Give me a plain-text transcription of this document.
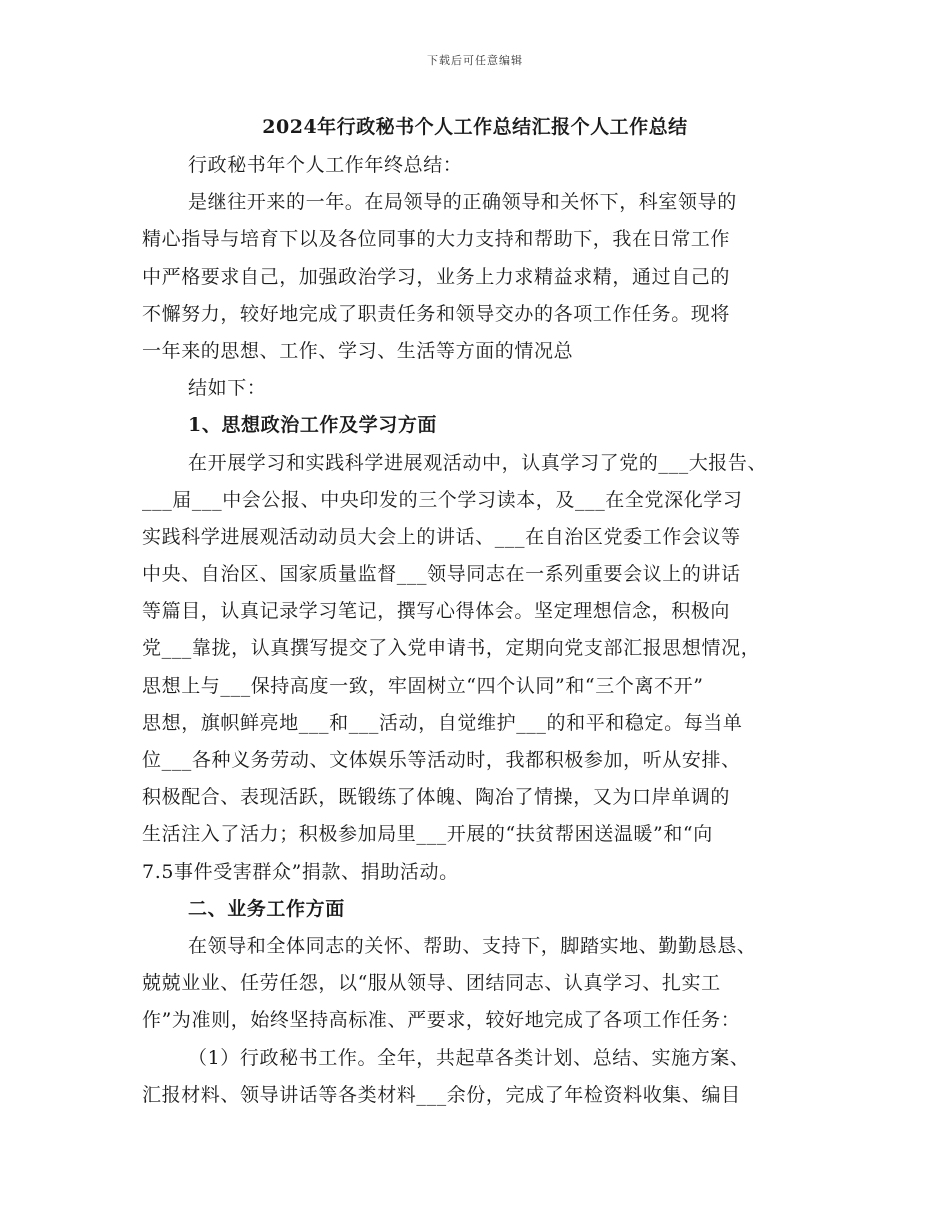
下载后可任意编辑
2024年行政秘书个人工作总结汇报个人工作总结
行政秘书年个人工作年终总结：
是继往开来的一年。在局领导的正确领导和关怀下，科室领导的
精心指导与培育下以及各位同事的大力支持和帮助下，我在日常工作
中严格要求自己，加强政治学习，业务上力求精益求精，通过自己的
不懈努力，较好地完成了职责任务和领导交办的各项工作任务。现将
一年来的思想、工作、学习、生活等方面的情况总
结如下：
1、思想政治工作及学习方面
在开展学习和实践科学进展观活动中，认真学习了党的___大报告、
___届___中会公报、中央印发的三个学习读本，及___在全党深化学习
实践科学进展观活动动员大会上的讲话、___在自治区党委工作会议等
中央、自治区、国家质量监督___领导同志在一系列重要会议上的讲话
等篇目，认真记录学习笔记，撰写心得体会。坚定理想信念，积极向
党___靠拢，认真撰写提交了入党申请书，定期向党支部汇报思想情况，
思想上与___保持高度一致，牢固树立“四个认同”和“三个离不开”
思想，旗帜鲜亮地___和___活动，自觉维护___的和平和稳定。每当单
位___各种义务劳动、文体娱乐等活动时，我都积极参加，听从安排、
积极配合、表现活跃，既锻练了体魄、陶冶了情操，又为口岸单调的
生活注入了活力；积极参加局里___开展的“扶贫帮困送温暖”和“向
7.5事件受害群众”捐款、捐助活动。
二、业务工作方面
在领导和全体同志的关怀、帮助、支持下，脚踏实地、勤勤恳恳、
兢兢业业、任劳任怨，以“服从领导、团结同志、认真学习、扎实工
作”为准则，始终坚持高标准、严要求，较好地完成了各项工作任务：
（1）行政秘书工作。全年，共起草各类计划、总结、实施方案、
汇报材料、领导讲话等各类材料___余份，完成了年检资料收集、编目
